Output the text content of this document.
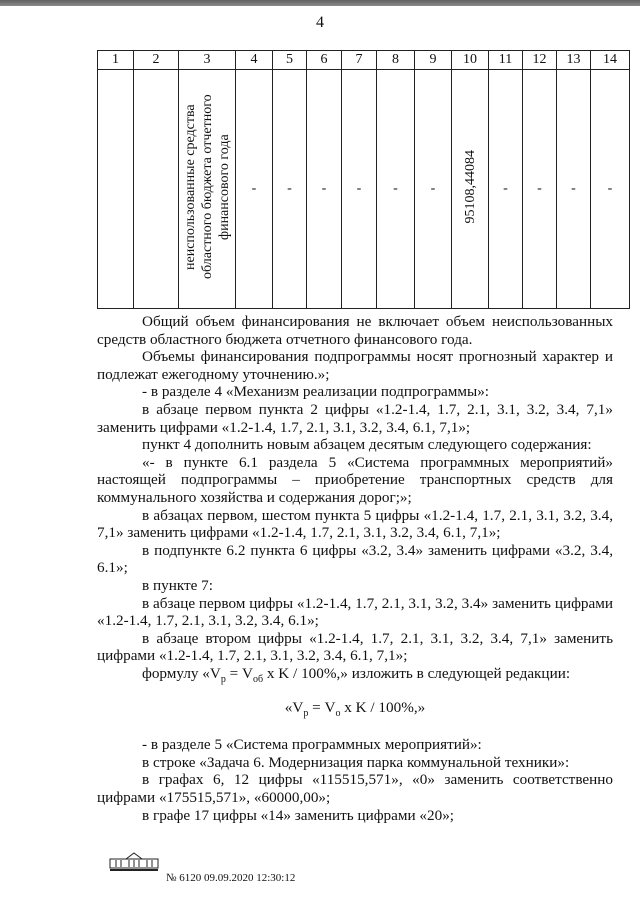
4
1	2	3	4	5	6	7	8	9	10	11	12	13	14
		неиспользованные средства областного бюджета отчетного финансового года	-	-	-	-	-	-	95108,44084	-	-	-	-

Общий объем финансирования не включает объем неиспользованных средств областного бюджета отчетного финансового года.

Объемы финансирования подпрограммы носят прогнозный характер и подлежат ежегодному уточнению.»;

- в разделе 4 «Механизм реализации подпрограммы»:

в абзаце первом пункта 2 цифры «1.2-1.4, 1.7, 2.1, 3.1, 3.2, 3.4, 7,1» заменить цифрами «1.2-1.4, 1.7, 2.1, 3.1, 3.2, 3.4, 6.1, 7,1»;

пункт 4 дополнить новым абзацем десятым следующего содержания:

«- в пункте 6.1 раздела 5 «Система программных мероприятий» настоящей подпрограммы – приобретение транспортных средств для коммунального хозяйства и содержания дорог;»;

в абзацах первом, шестом пункта 5 цифры «1.2-1.4, 1.7, 2.1, 3.1, 3.2, 3.4, 7,1» заменить цифрами «1.2-1.4, 1.7, 2.1, 3.1, 3.2, 3.4, 6.1, 7,1»;

в подпункте 6.2 пункта 6 цифры «3.2, 3.4» заменить цифрами «3.2, 3.4, 6.1»;

в пункте 7:

в абзаце первом цифры «1.2-1.4, 1.7, 2.1, 3.1, 3.2, 3.4» заменить цифрами «1.2-1.4, 1.7, 2.1, 3.1, 3.2, 3.4, 6.1»;

в абзаце втором цифры «1.2-1.4, 1.7, 2.1, 3.1, 3.2, 3.4, 7,1» заменить цифрами «1.2-1.4, 1.7, 2.1, 3.1, 3.2, 3.4, 6.1, 7,1»;

формулу «$V_р = V_{об}$ x K / 100%,» изложить в следующей редакции:

«$V_р = V_о$ x K / 100%,»

- в разделе 5 «Система программных мероприятий»:

в строке «Задача 6. Модернизация парка коммунальной техники»:

в графах 6, 12 цифры «115515,571», «0» заменить соответственно цифрами «175515,571», «60000,00»;

в графе 17 цифры «14» заменить цифрами «20»;

№ 6120 09.09.2020 12:30:12
